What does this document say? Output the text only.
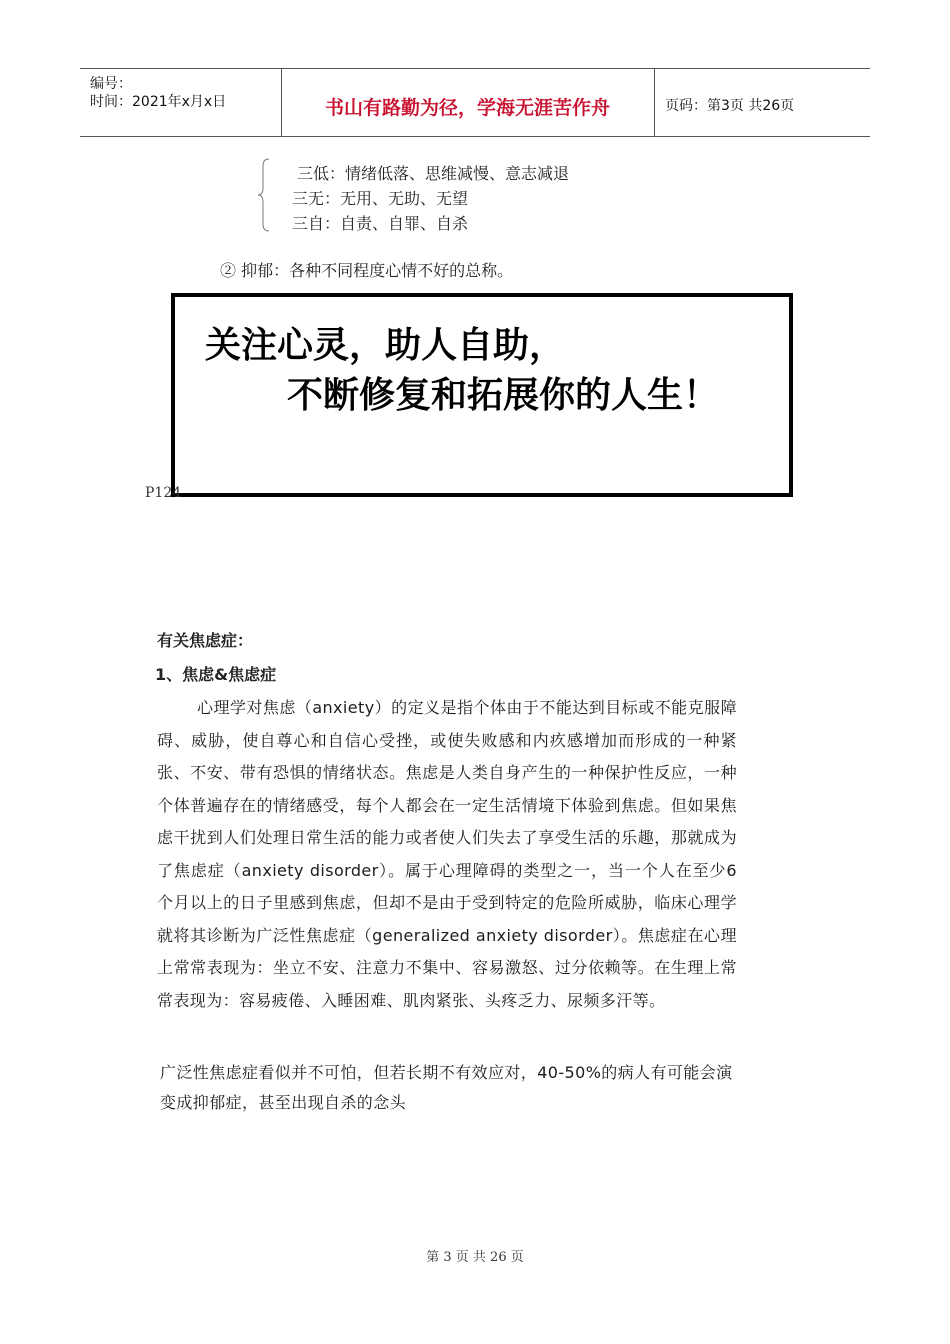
编号：
时间：2021年x月x日	书山有路勤为径，学海无涯苦作舟	页码：第3页 共26页
三低：情绪低落、思维减慢、意志减退
三无：无用、无助、无望
三自：自责、自罪、自杀
② 抑郁：各种不同程度心情不好的总称。
关注心灵，助人自助，
不断修复和拓展你的人生！
P124
有关焦虑症：
1、焦虑&焦虑症
心理学对焦虑（anxiety）的定义是指个体由于不能达到目标或不能克服障碍、威胁，使自尊心和自信心受挫，或使失败感和内疚感增加而形成的一种紧张、不安、带有恐惧的情绪状态。焦虑是人类自身产生的一种保护性反应，一种个体普遍存在的情绪感受，每个人都会在一定生活情境下体验到焦虑。但如果焦虑干扰到人们处理日常生活的能力或者使人们失去了享受生活的乐趣，那就成为了焦虑症（anxiety disorder）。属于心理障碍的类型之一，当一个人在至少6个月以上的日子里感到焦虑，但却不是由于受到特定的危险所威胁，临床心理学就将其诊断为广泛性焦虑症（generalized anxiety disorder）。焦虑症在心理上常常表现为：坐立不安、注意力不集中、容易激怒、过分依赖等。在生理上常常表现为：容易疲倦、入睡困难、肌肉紧张、头疼乏力、尿频多汗等。
广泛性焦虑症看似并不可怕，但若长期不有效应对，40-50%的病人有可能会演变成抑郁症，甚至出现自杀的念头
第 3 页 共 26 页
